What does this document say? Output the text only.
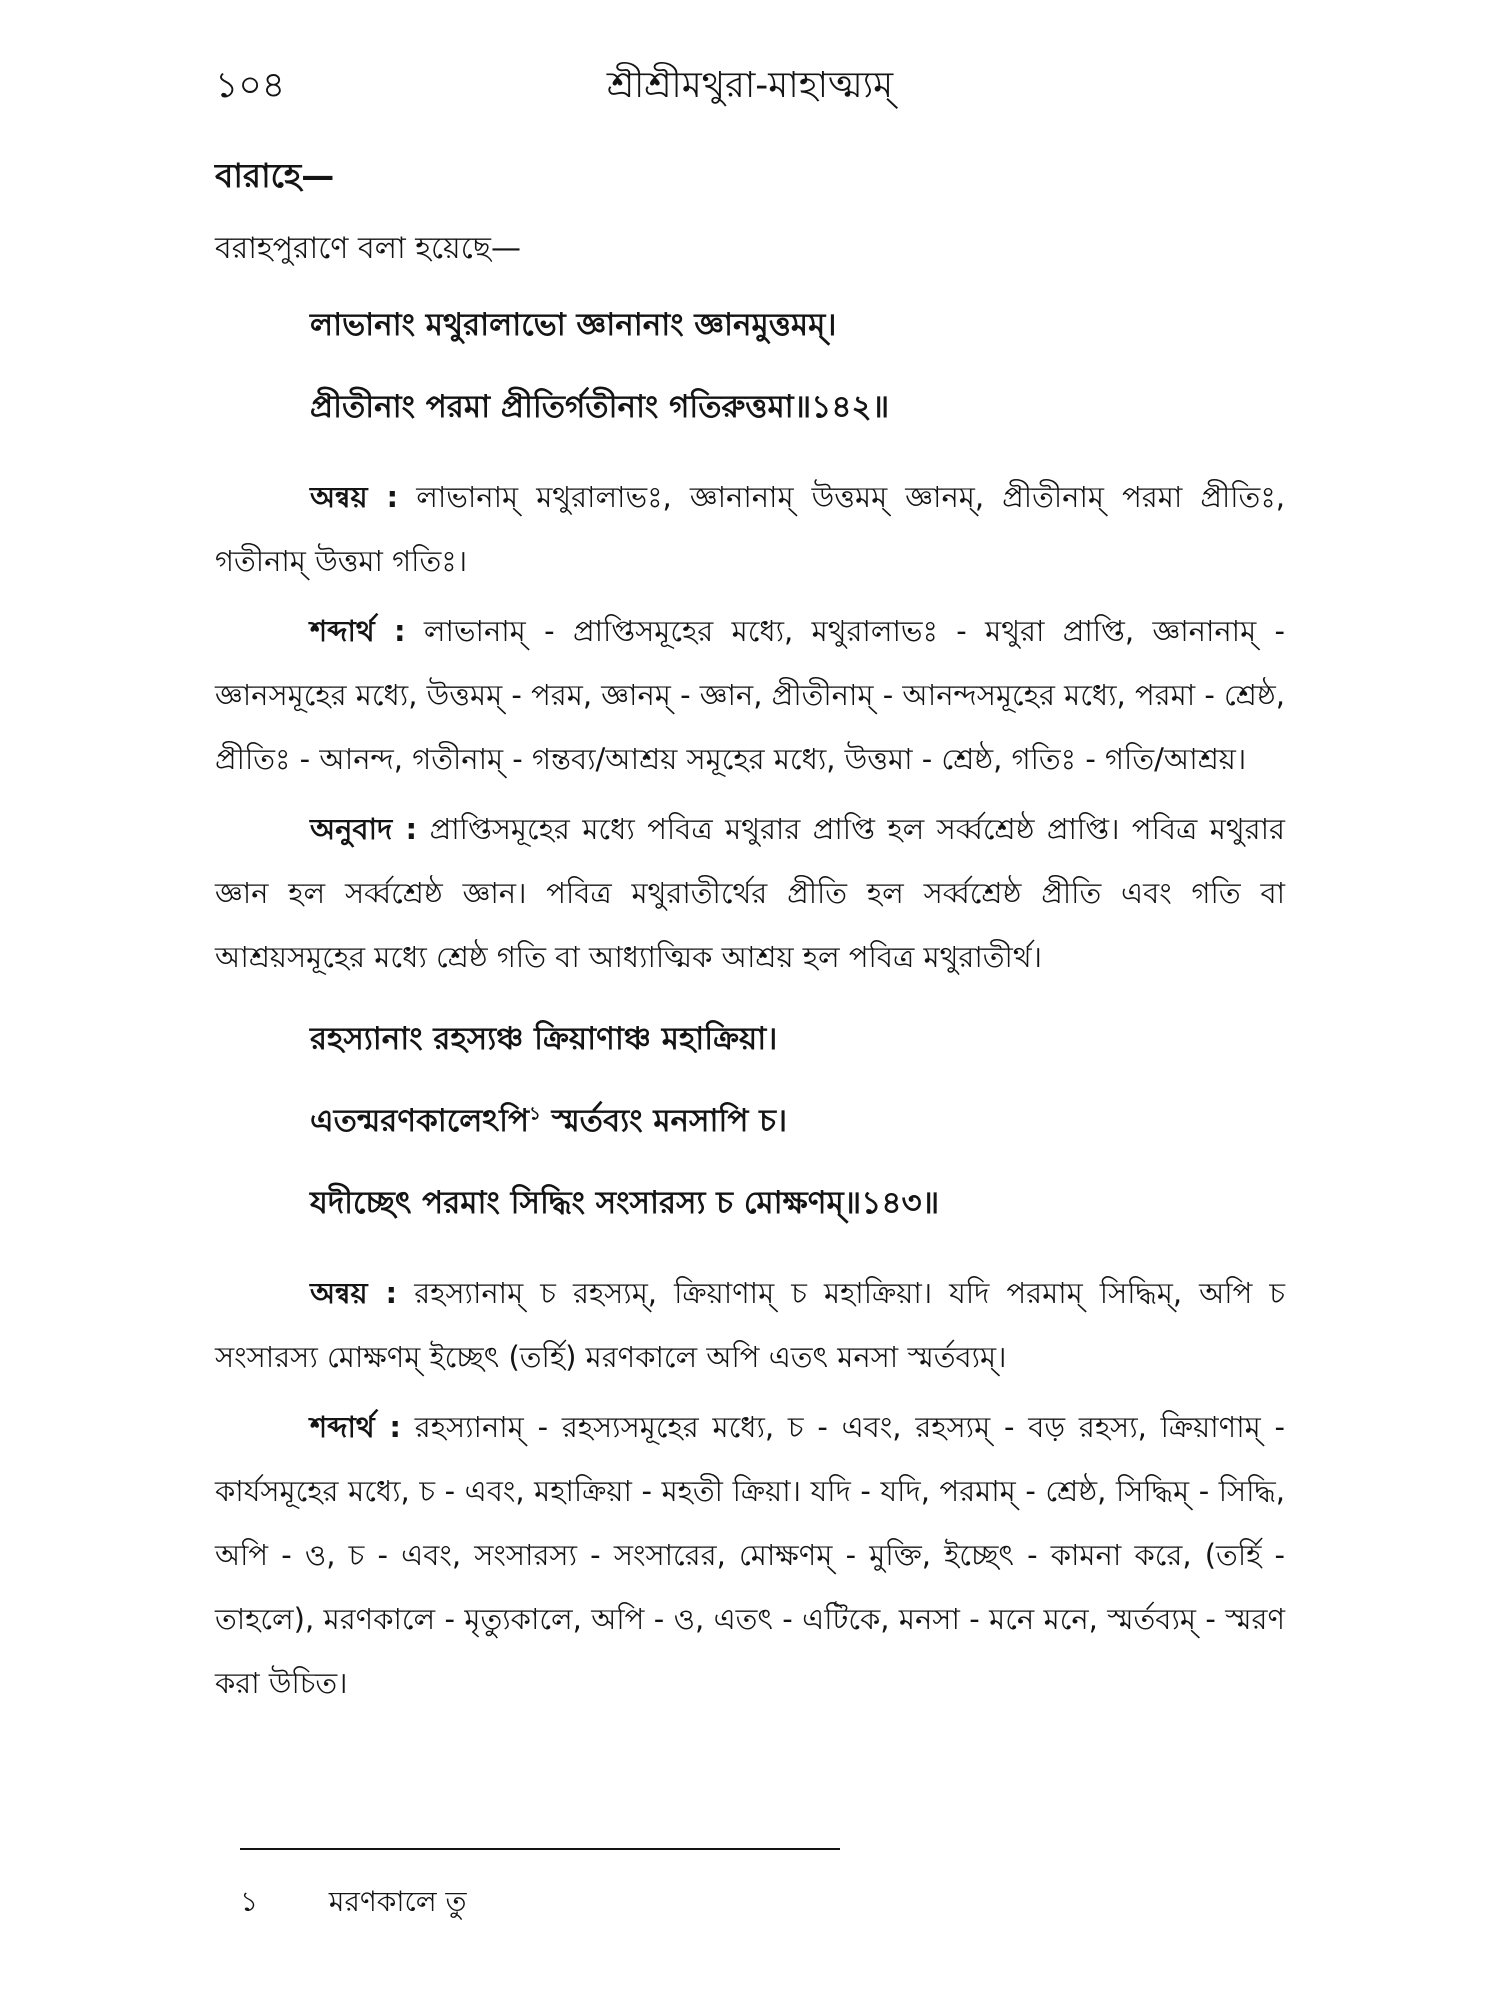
১০৪	শ্রীশ্রীমথুরা-মাহাত্ম্যম্
বারাহে—
বরাহপুরাণে বলা হয়েছে—
লাভানাং মথুরালাভো জ্ঞানানাং জ্ঞানমুত্তমম্।
প্রীতীনাং পরমা প্রীতির্গতীনাং গতিরুত্তমা॥১৪২॥

অন্বয় : লাভানাম্ মথুরালাভঃ, জ্ঞানানাম্ উত্তমম্ জ্ঞানম্, প্রীতীনাম্ পরমা প্রীতিঃ, গতীনাম্ উত্তমা গতিঃ।

শব্দার্থ : লাভানাম্ - প্রাপ্তিসমূহের মধ্যে, মথুরালাভঃ - মথুরা প্রাপ্তি, জ্ঞানানাম্ - জ্ঞানসমূহের মধ্যে, উত্তমম্ - পরম, জ্ঞানম্ - জ্ঞান, প্রীতীনাম্ - আনন্দসমূহের মধ্যে, পরমা - শ্রেষ্ঠ, প্রীতিঃ - আনন্দ, গতীনাম্ - গন্তব্য/আশ্রয় সমূহের মধ্যে, উত্তমা - শ্রেষ্ঠ, গতিঃ - গতি/আশ্রয়।

অনুবাদ : প্রাপ্তিসমূহের মধ্যে পবিত্র মথুরার প্রাপ্তি হল সর্ব্বশ্রেষ্ঠ প্রাপ্তি। পবিত্র মথুরার জ্ঞান হল সর্ব্বশ্রেষ্ঠ জ্ঞান। পবিত্র মথুরাতীর্থের প্রীতি হল সর্ব্বশ্রেষ্ঠ প্রীতি এবং গতি বা আশ্রয়সমূহের মধ্যে শ্রেষ্ঠ গতি বা আধ্যাত্মিক আশ্রয় হল পবিত্র মথুরাতীর্থ।

রহস্যানাং রহস্যঞ্চ ক্রিয়াণাঞ্চ মহাক্রিয়া।
এতন্মরণকালেঽপি$^১$ স্মর্তব্যং মনসাপি চ।
যদীচ্ছেৎ পরমাং সিদ্ধিং সংসারস্য চ মোক্ষণম্॥১৪৩॥

অন্বয় : রহস্যানাম্ চ রহস্যম্, ক্রিয়াণাম্ চ মহাক্রিয়া। যদি পরমাম্ সিদ্ধিম্, অপি চ সংসারস্য মোক্ষণম্ ইচ্ছেৎ (তর্হি) মরণকালে অপি এতৎ মনসা স্মর্তব্যম্।

শব্দার্থ : রহস্যানাম্ - রহস্যসমূহের মধ্যে, চ - এবং, রহস্যম্ - বড় রহস্য, ক্রিয়াণাম্ - কার্যসমূহের মধ্যে, চ - এবং, মহাক্রিয়া - মহতী ক্রিয়া। যদি - যদি, পরমাম্ - শ্রেষ্ঠ, সিদ্ধিম্ - সিদ্ধি, অপি - ও, চ - এবং, সংসারস্য - সংসারের, মোক্ষণম্ - মুক্তি, ইচ্ছেৎ - কামনা করে, (তর্হি - তাহলে), মরণকালে - মৃত্যুকালে, অপি - ও, এতৎ - এটিকে, মনসা - মনে মনে, স্মর্তব্যম্ - স্মরণ করা উচিত।

১	মরণকালে তু
